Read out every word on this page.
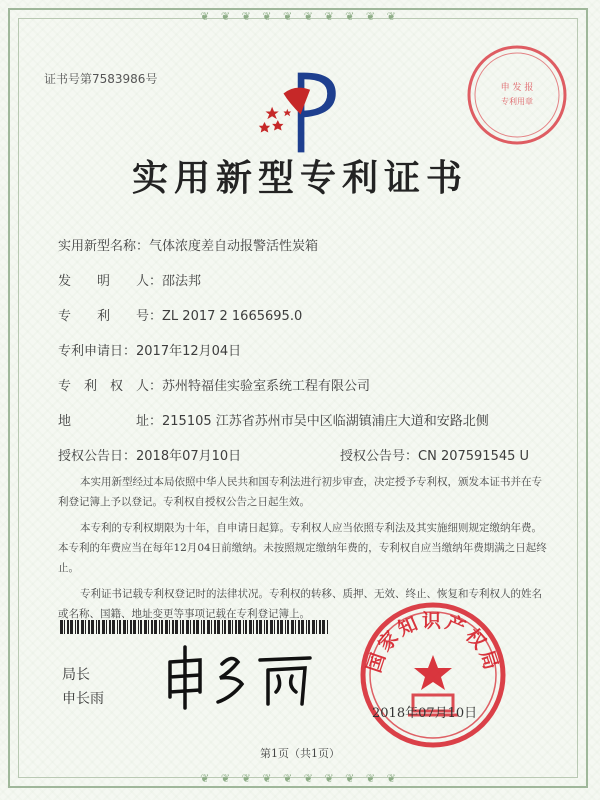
❦ ❦ ❦ ❦ ❦ ❦ ❦ ❦ ❦ ❦
❦ ❦ ❦ ❦ ❦ ❦ ❦ ❦ ❦ ❦
证书号第7583986号
申 发 报
专利用章
实用新型专利证书
实用新型名称：气体浓度差自动报警活性炭箱
发　　明　　人：邵法邦
专　　利　　号：ZL 2017 2 1665695.0
专利申请日：2017年12月04日
专　利　权　人：苏州特福佳实验室系统工程有限公司
地　　　　　址：215105 江苏省苏州市吴中区临湖镇浦庄大道和安路北侧
授权公告日：2018年07月10日	授权公告号：CN 207591545 U

本实用新型经过本局依照中华人民共和国专利法进行初步审查，决定授予专利权，颁发本证书并在专利登记簿上予以登记。专利权自授权公告之日起生效。

本专利的专利权期限为十年，自申请日起算。专利权人应当依照专利法及其实施细则规定缴纳年费。本专利的年费应当在每年12月04日前缴纳。未按照规定缴纳年费的，专利权自应当缴纳年费期满之日起终止。

专利证书记载专利权登记时的法律状况。专利权的转移、质押、无效、终止、恢复和专利权人的姓名或名称、国籍、地址变更等事项记载在专利登记簿上。

局长
申长雨
国家知识产权局
2018年07月10日
第1页（共1页）
